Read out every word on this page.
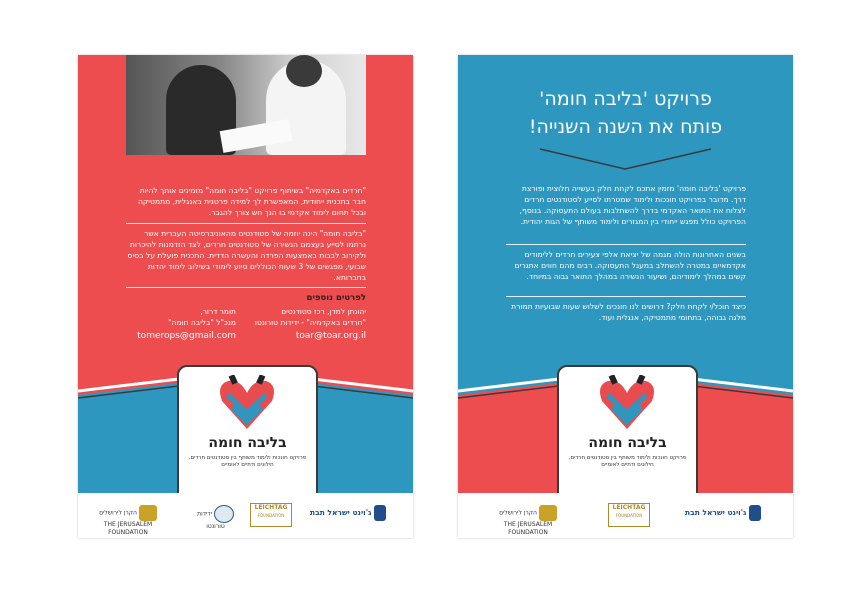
"חרדים באקדמיה" בשיתוף פרויקט "בליבה חומה" מזמינים אותך להיות חבר בתכנית ייחודית, המאפשרת לך למידה פרטנית באנגלית, מתמטיקה ובכל תחום לימוד אקדמי בו הנך חש צורך להגבר.
"בליבה חומה" הינה יוזמה של סטודנטים מהאוניברסיטה העברית אשר נרתמו לסייע בעצמם הנשירה של סטודנטים חרדים, לצד הזדמנות להיכרות ולקירוב לבבות באמצעות הפרדה והעשרה הדדית. התכנית פועלת על בסיס שבועי, מפגשים של 3 שעות הכוללים סיוע לימודי בשילוב לימוד יהדות בחברותא.
לפרטים נוספים
יהונתן למדן, רכז סטודנטים
"חרדים באקדמיה" - ידידות טורונטו
toar@toar.org.il
תומר דרור,
מנכ"ל "בליבה חומה"
tomerops@gmail.com
בליבה חומה
פרויקט חונכות ולימוד משותף בין סטודנטים חרדים, חילונים ודתיים לאומיים
הקרן לירושלים THE JERUSALEM FOUNDATION
ידידות טורונטו
LEICHTAG
FOUNDATION	ג'וינט ישראל תבת
פרויקט 'בליבה חומה'
פותח את השנה השנייה!
פרויקט 'בליבה חומה' מזמין אתכם לקחת חלק בעשייה חלוצית ופורצת דרך. מדובר בפרויקט חונכות ולימוד שמטרתו לסייע לסטודנטים חרדים לצלוח את התואר האקדמי בדרך להשתלבות בעולם התעסוקה. בנוסף, הפרויקט כולל מפגש ייחודי בין המגזרים ולימוד משותף של הגות יהודית.
בשנים האחרונות הולה מגמה של יציאת אלפי צעירים חרדים ללימודים אקדמאיים במטרה להשתלב במעגל התעסוקה. רבים מהם חווים אתגרים קשים במהלך לימודיהם, ושיעור הנשירה במהלך התואר גבוה במיוחד.
כיצד תוכל/י לקחת חלק? דרושים לנו חונכים לשלוש שעות שבועיות תמורת מלגה גבוהה, בתחומי מתמטיקה, אנגלית ועוד.
בליבה חומה
פרויקט חונכות ולימוד משותף בין סטודנטים חרדים, חילונים ודתיים לאומיים
הקרן לירושלים THE JERUSALEM FOUNDATION
LEICHTAG
FOUNDATION	ג'וינט ישראל תבת
